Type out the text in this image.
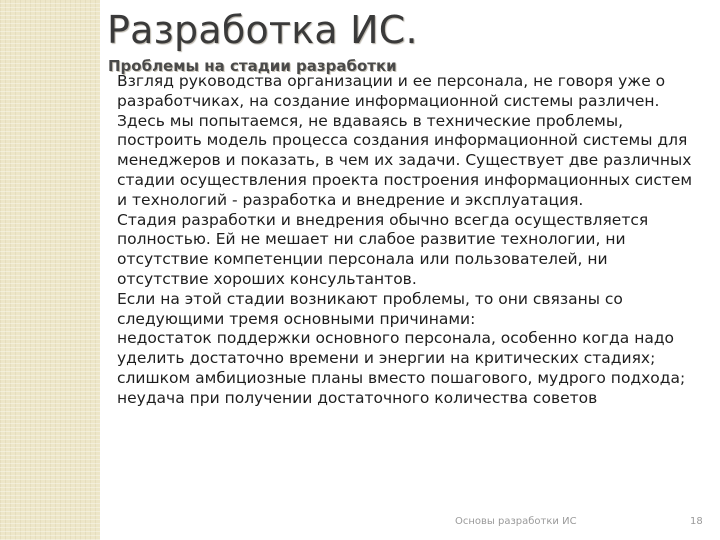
Разработка ИС.
Проблемы на стадии разработки

Взгляд руководства организации и ее персонала, не говоря уже о разработчиках, на создание информационной системы различен. Здесь мы попытаемся, не вдаваясь в технические проблемы, построить модель процесса создания информационной системы для менеджеров и показать, в чем их задачи. Существует две различных стадии осуществления проекта построения информационных систем и технологий - разработка и внедрение и эксплуатация.

Стадия разработки и внедрения обычно всегда осуществляется полностью. Ей не мешает ни слабое развитие технологии, ни отсутствие компетенции персонала или пользователей, ни отсутствие хороших консультантов.

Если на этой стадии возникают проблемы, то они связаны со следующими тремя основными причинами:

недостаток поддержки основного персонала, особенно когда надо уделить достаточно времени и энергии на критических стадиях;

слишком амбициозные планы вместо пошагового, мудрого подхода;

неудача при получении достаточного количества советов

Основы разработки ИС	18
